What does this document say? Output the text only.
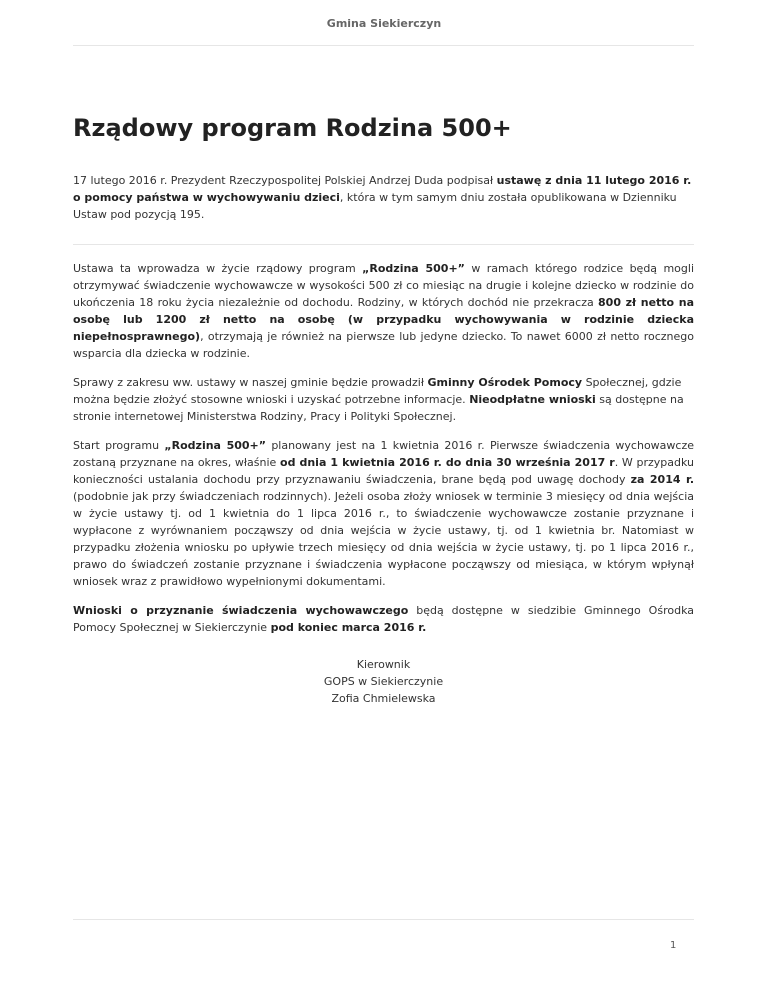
Gmina Siekierczyn
Rządowy program Rodzina 500+

17 lutego 2016 r. Prezydent Rzeczypospolitej Polskiej Andrzej Duda podpisał ustawę z dnia 11 lutego 2016 r. o pomocy państwa w wychowywaniu dzieci, która w tym samym dniu została opublikowana w Dzienniku Ustaw pod pozycją 195.

Ustawa ta wprowadza w życie rządowy program „Rodzina 500+” w ramach którego rodzice będą mogli otrzymywać świadczenie wychowawcze w wysokości 500 zł co miesiąc na drugie i kolejne dziecko w rodzinie do ukończenia 18 roku życia niezależnie od dochodu. Rodziny, w których dochód nie przekracza 800 zł netto na osobę lub 1200 zł netto na osobę (w przypadku wychowywania w rodzinie dziecka niepełnosprawnego), otrzymają je również na pierwsze lub jedyne dziecko. To nawet 6000 zł netto rocznego wsparcia dla dziecka w rodzinie.

Sprawy z zakresu ww. ustawy w naszej gminie będzie prowadził Gminny Ośrodek Pomocy Społecznej, gdzie można będzie złożyć stosowne wnioski i uzyskać potrzebne informacje. Nieodpłatne wnioski są dostępne na stronie internetowej Ministerstwa Rodziny, Pracy i Polityki Społecznej.

Start programu „Rodzina 500+” planowany jest na 1 kwietnia 2016 r. Pierwsze świadczenia wychowawcze zostaną przyznane na okres, właśnie od dnia 1 kwietnia 2016 r. do dnia 30 września 2017 r. W przypadku konieczności ustalania dochodu przy przyznawaniu świadczenia, brane będą pod uwagę dochody za 2014 r. (podobnie jak przy świadczeniach rodzinnych). Jeżeli osoba złoży wniosek w terminie 3 miesięcy od dnia wejścia w życie ustawy tj. od 1 kwietnia do 1 lipca 2016 r., to świadczenie wychowawcze zostanie przyznane i wypłacone z wyrównaniem począwszy od dnia wejścia w życie ustawy, tj. od 1 kwietnia br. Natomiast w przypadku złożenia wniosku po upływie trzech miesięcy od dnia wejścia w życie ustawy, tj. po 1 lipca 2016 r., prawo do świadczeń zostanie przyznane i świadczenia wypłacone począwszy od miesiąca, w którym wpłynął wniosek wraz z prawidłowo wypełnionymi dokumentami.

Wnioski o przyznanie świadczenia wychowawczego będą dostępne w siedzibie Gminnego Ośrodka Pomocy Społecznej w Siekierczynie pod koniec marca 2016 r.

Kierownik
GOPS w Siekierczynie
Zofia Chmielewska
1
